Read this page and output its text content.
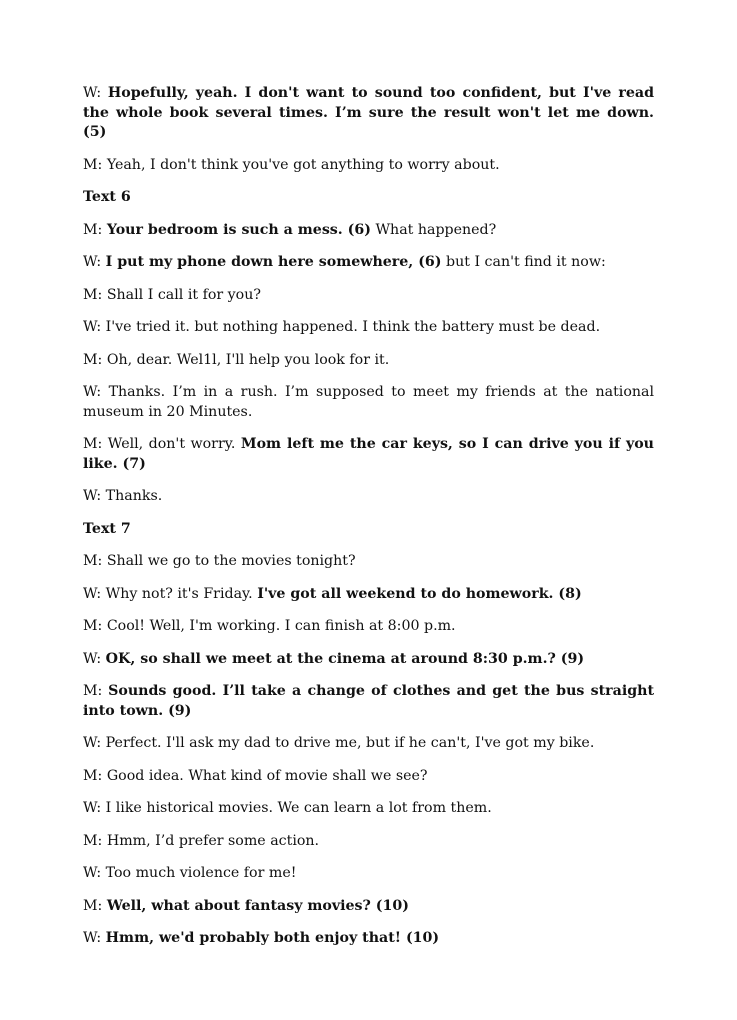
W: Hopefully, yeah. I don't want to sound too confident, but I've read the whole book several times. I’m sure the result won't let me down. (5)
M: Yeah, I don't think you've got anything to worry about.
Text 6
M: Your bedroom is such a mess. (6) What happened?
W: I put my phone down here somewhere, (6) but I can't find it now:
M: Shall I call it for you?
W: I've tried it. but nothing happened. I think the battery must be dead.
M: Oh, dear. Wel1l, I'll help you look for it.
W: Thanks. I’m in a rush. I’m supposed to meet my friends at the national museum in 20 Minutes.
M: Well, don't worry. Mom left me the car keys, so I can drive you if you like. (7)
W: Thanks.
Text 7
M: Shall we go to the movies tonight?
W: Why not? it's Friday. I've got all weekend to do homework. (8)
M: Cool! Well, I'm working. I can finish at 8:00 p.m.
W: OK, so shall we meet at the cinema at around 8:30 p.m.? (9)
M: Sounds good. I’ll take a change of clothes and get the bus straight into town. (9)
W: Perfect. I'll ask my dad to drive me, but if he can't, I've got my bike.
M: Good idea. What kind of movie shall we see?
W: I like historical movies. We can learn a lot from them.
M: Hmm, I’d prefer some action.
W: Too much violence for me!
M: Well, what about fantasy movies? (10)
W: Hmm, we'd probably both enjoy that! (10)
